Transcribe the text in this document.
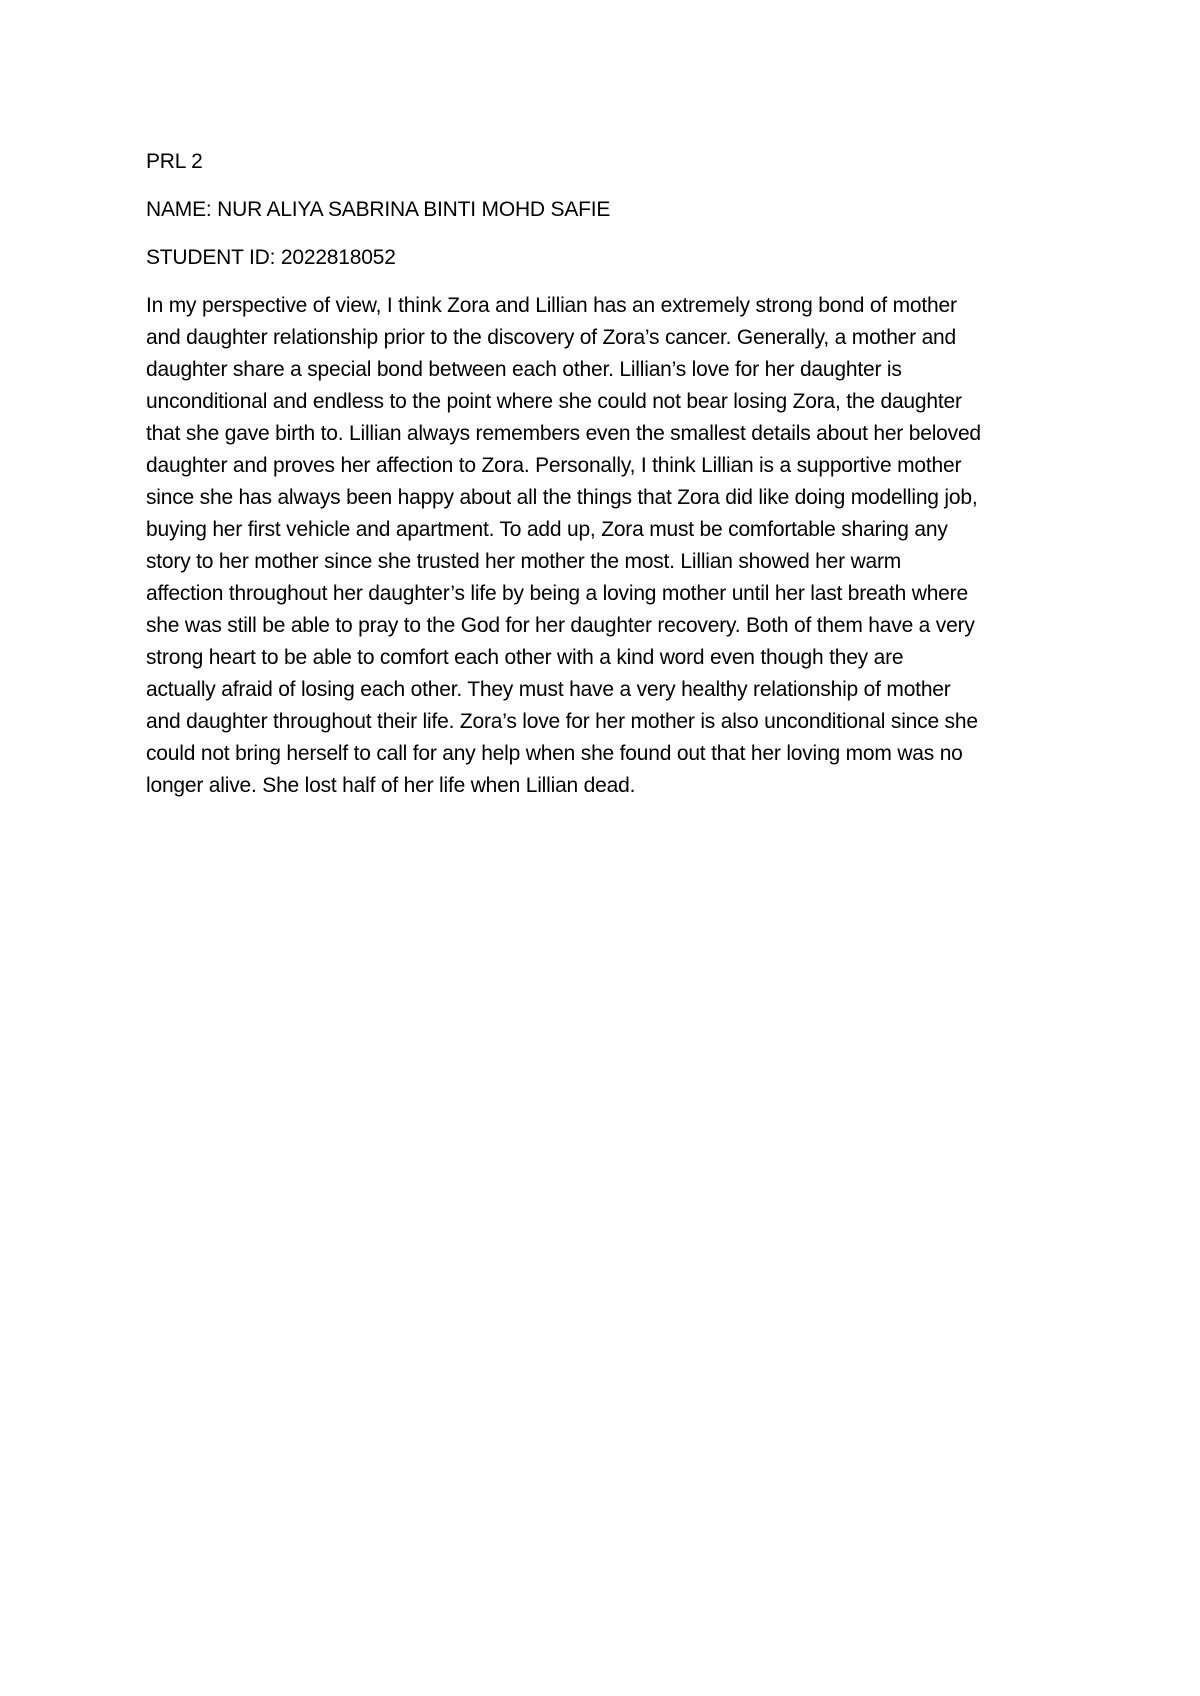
PRL 2

NAME: NUR ALIYA SABRINA BINTI MOHD SAFIE

STUDENT ID: 2022818052

In my perspective of view, I think Zora and Lillian has an extremely strong bond of mother

and daughter relationship prior to the discovery of Zora’s cancer. Generally, a mother and

daughter share a special bond between each other. Lillian’s love for her daughter is

unconditional and endless to the point where she could not bear losing Zora, the daughter

that she gave birth to. Lillian always remembers even the smallest details about her beloved

daughter and proves her affection to Zora. Personally, I think Lillian is a supportive mother

since she has always been happy about all the things that Zora did like doing modelling job,

buying her first vehicle and apartment. To add up, Zora must be comfortable sharing any

story to her mother since she trusted her mother the most. Lillian showed her warm

affection throughout her daughter’s life by being a loving mother until her last breath where

she was still be able to pray to the God for her daughter recovery. Both of them have a very

strong heart to be able to comfort each other with a kind word even though they are

actually afraid of losing each other. They must have a very healthy relationship of mother

and daughter throughout their life. Zora’s love for her mother is also unconditional since she

could not bring herself to call for any help when she found out that her loving mom was no

longer alive. She lost half of her life when Lillian dead.
